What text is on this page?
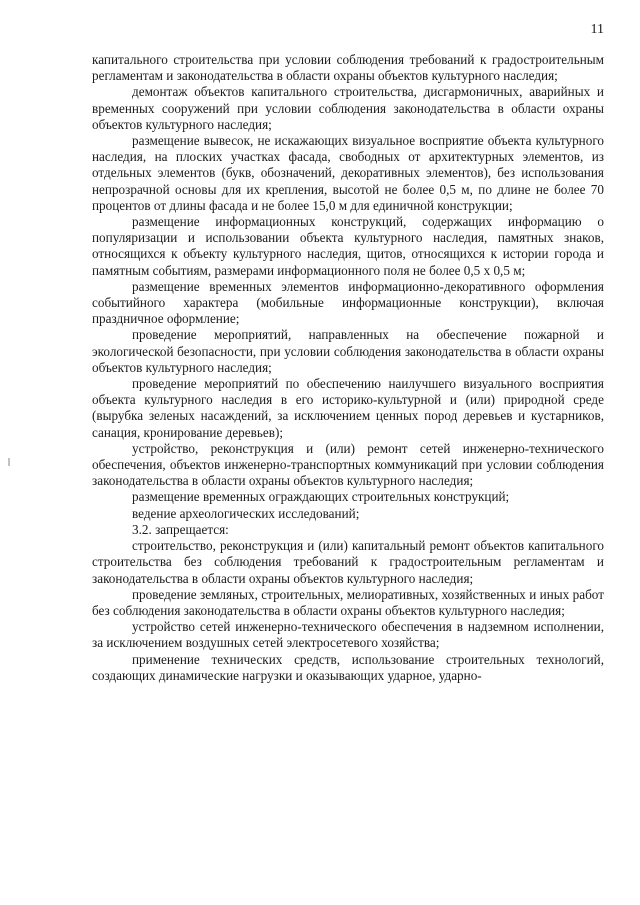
11

капитального строительства при условии соблюдения требований к градостроительным регламентам и законодательства в области охраны объектов культурного наследия;

демонтаж объектов капитального строительства, дисгармоничных, аварийных и временных сооружений при условии соблюдения законодательства в области охраны объектов культурного наследия;

размещение вывесок, не искажающих визуальное восприятие объекта культурного наследия, на плоских участках фасада, свободных от архитектурных элементов, из отдельных элементов (букв, обозначений, декоративных элементов), без использования непрозрачной основы для их крепления, высотой не более 0,5 м, по длине не более 70 процентов от длины фасада и не более 15,0 м для единичной конструкции;

размещение информационных конструкций, содержащих информацию о популяризации и использовании объекта культурного наследия, памятных знаков, относящихся к объекту культурного наследия, щитов, относящихся к истории города и памятным событиям, размерами информационного поля не более 0,5 х 0,5 м;

размещение временных элементов информационно-декоративного оформления событийного характера (мобильные информационные конструкции), включая праздничное оформление;

проведение мероприятий, направленных на обеспечение пожарной и экологической безопасности, при условии соблюдения законодательства в области охраны объектов культурного наследия;

проведение мероприятий по обеспечению наилучшего визуального восприятия объекта культурного наследия в его историко-культурной и (или) природной среде (вырубка зеленых насаждений, за исключением ценных пород деревьев и кустарников, санация, кронирование деревьев);

устройство, реконструкция и (или) ремонт сетей инженерно-технического обеспечения, объектов инженерно-транспортных коммуникаций при условии соблюдения законодательства в области охраны объектов культурного наследия;

размещение временных ограждающих строительных конструкций;

ведение археологических исследований;

3.2. запрещается:

строительство, реконструкция и (или) капитальный ремонт объектов капитального строительства без соблюдения требований к градостроительным регламентам и законодательства в области охраны объектов культурного наследия;

проведение земляных, строительных, мелиоративных, хозяйственных и иных работ без соблюдения законодательства в области охраны объектов культурного наследия;

устройство сетей инженерно-технического обеспечения в надземном исполнении, за исключением воздушных сетей электросетевого хозяйства;

применение технических средств, использование строительных технологий, создающих динамические нагрузки и оказывающих ударное, ударно-
